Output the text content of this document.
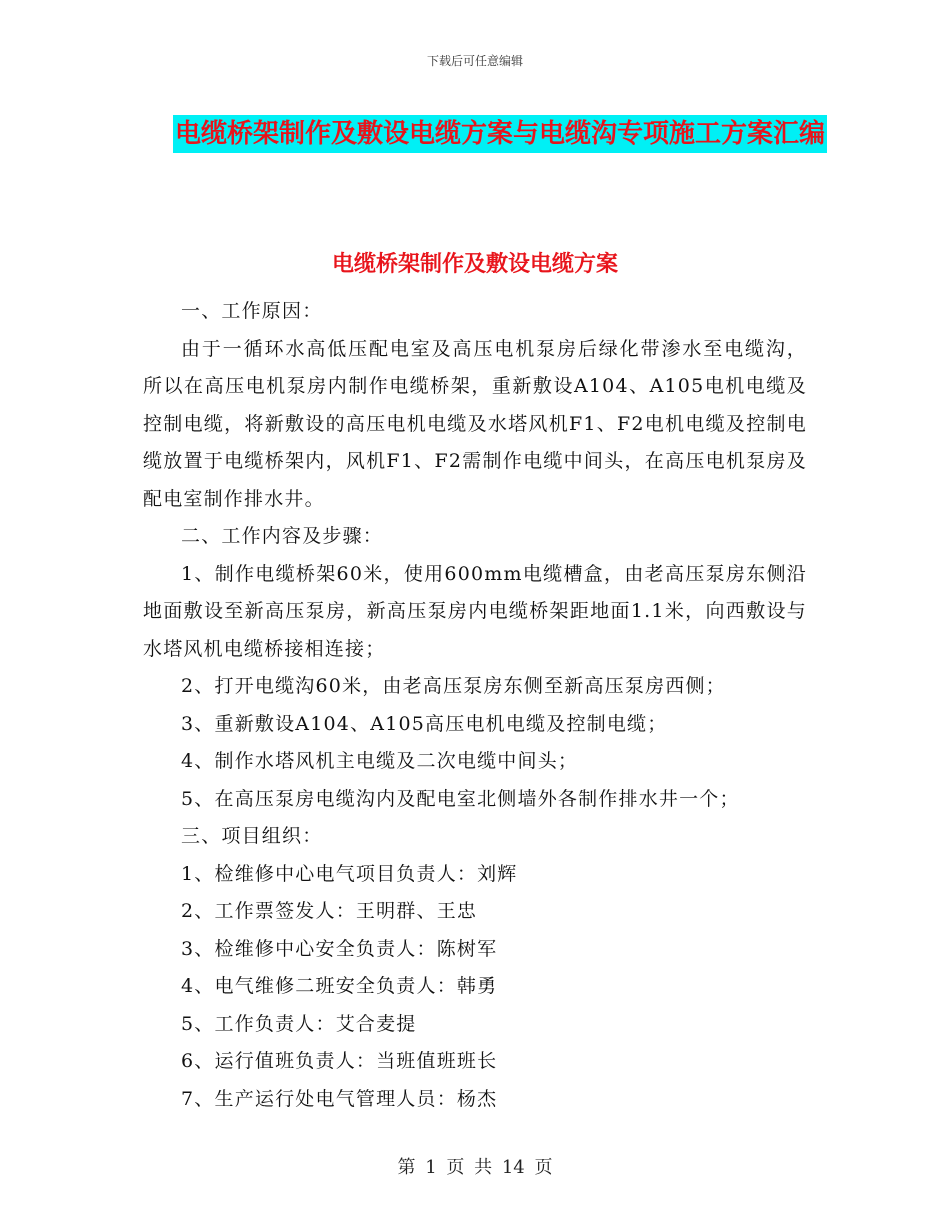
下载后可任意编辑
电缆桥架制作及敷设电缆方案与电缆沟专项施工方案汇编
电缆桥架制作及敷设电缆方案

一、工作原因：

由于一循环水高低压配电室及高压电机泵房后绿化带渗水至电缆沟，所以在高压电机泵房内制作电缆桥架，重新敷设A104、A105电机电缆及控制电缆，将新敷设的高压电机电缆及水塔风机F1、F2电机电缆及控制电缆放置于电缆桥架内，风机F1、F2需制作电缆中间头，在高压电机泵房及配电室制作排水井。

二、工作内容及步骤：

1、制作电缆桥架60米，使用600mm电缆槽盒，由老高压泵房东侧沿地面敷设至新高压泵房，新高压泵房内电缆桥架距地面1.1米，向西敷设与水塔风机电缆桥接相连接；

2、打开电缆沟60米，由老高压泵房东侧至新高压泵房西侧；

3、重新敷设A104、A105高压电机电缆及控制电缆；

4、制作水塔风机主电缆及二次电缆中间头；

5、在高压泵房电缆沟内及配电室北侧墙外各制作排水井一个；

三、项目组织：

1、检维修中心电气项目负责人：刘辉

2、工作票签发人：王明群、王忠

3、检维修中心安全负责人：陈树军

4、电气维修二班安全负责人：韩勇

5、工作负责人：艾合麦提

6、运行值班负责人：当班值班班长

7、生产运行处电气管理人员：杨杰

第 1 页 共 14 页
